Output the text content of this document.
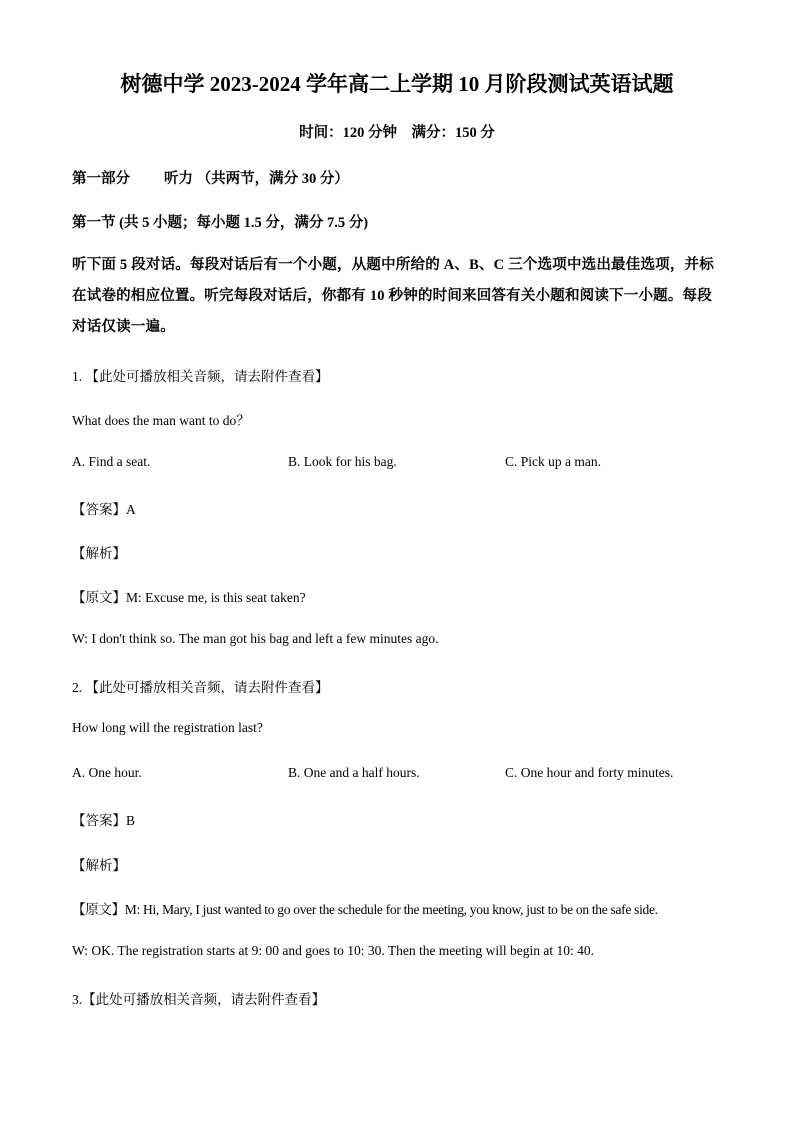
树德中学 2023-2024 学年高二上学期 10 月阶段测试英语试题
时间：120 分钟　满分：150 分
第一部分 听力 （共两节，满分 30 分）
第一节 (共 5 小题；每小题 1.5 分，满分 7.5 分)
听下面 5 段对话。每段对话后有一个小题，从题中所给的 A、B、C 三个选项中选出最佳选项，并标在试卷的相应位置。听完每段对话后，你都有 10 秒钟的时间来回答有关小题和阅读下一小题。每段对话仅读一遍。
1. 【此处可播放相关音频，请去附件查看】
What does the man want to do？
A. Find a seat.	B. Look for his bag.	C. Pick up a man.
【答案】A
【解析】
【原文】M: Excuse me, is this seat taken?
W: I don't think so. The man got his bag and left a few minutes ago.
2. 【此处可播放相关音频，请去附件查看】
How long will the registration last?
A. One hour.	B. One and a half hours.	C. One hour and forty minutes.
【答案】B
【解析】
【原文】M: Hi, Mary, I just wanted to go over the schedule for the meeting, you know, just to be on the safe side.
W: OK. The registration starts at 9: 00 and goes to 10: 30. Then the meeting will begin at 10: 40.
3.【此处可播放相关音频，请去附件查看】
